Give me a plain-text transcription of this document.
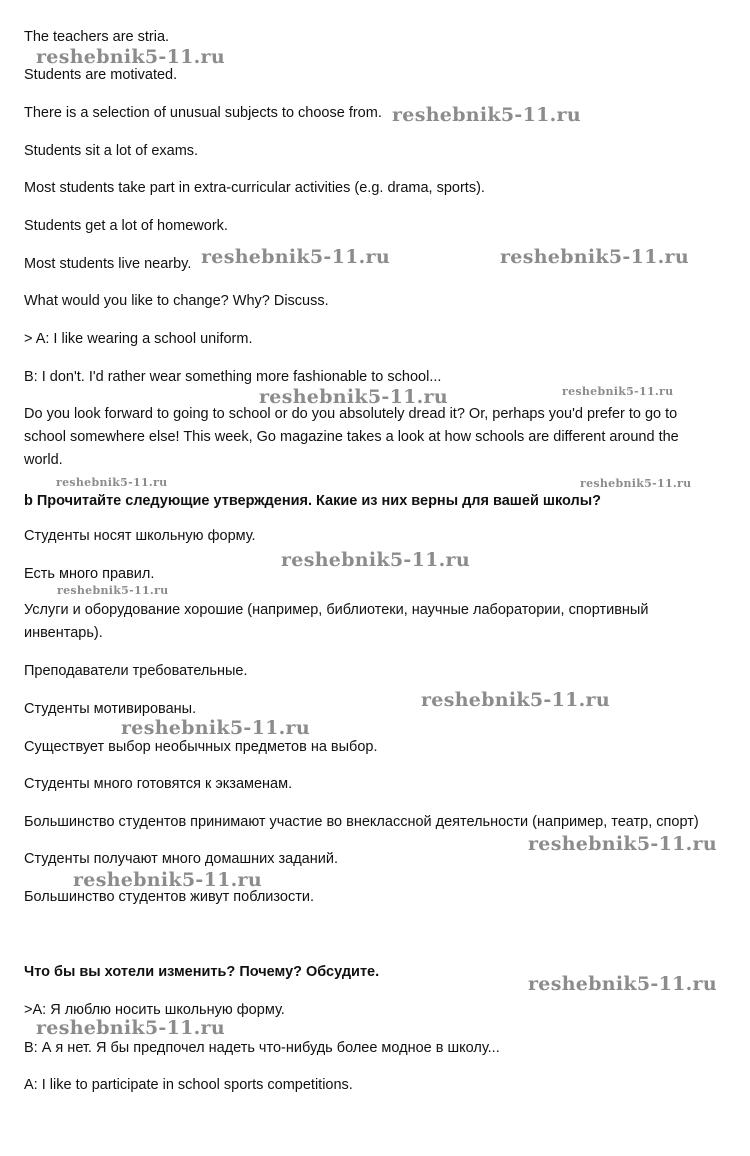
The teachers are stria.
Students are motivated.
There is a selection of unusual subjects to choose from.
Students sit a lot of exams.
Most students take part in extra-curricular activities (e.g. drama, sports).
Students get a lot of homework.
Most students live nearby.
What would you like to change? Why? Discuss.
> A: I like wearing a school uniform.
B: I don't. I'd rather wear something more fashionable to school...
Do you look forward to going to school or do you absolutely dread it? Or, perhaps you'd prefer to go to school somewhere else! This week, Go magazine takes a look at how schools are different around the world.
b Прочитайте следующие утверждения. Какие из них верны для вашей школы?
Студенты носят школьную форму.
Есть много правил.
Услуги и оборудование хорошие (например, библиотеки, научные лаборатории, спортивный инвентарь).
Преподаватели требовательные.
Студенты мотивированы.
Существует выбор необычных предметов на выбор.
Студенты много готовятся к экзаменам.
Большинство студентов принимают участие во внеклассной деятельности (например, театр, спорт)
Студенты получают много домашних заданий.
Большинство студентов живут поблизости.
Что бы вы хотели изменить? Почему? Обсудите.
>A: Я люблю носить школьную форму.
B: А я нет. Я бы предпочел надеть что-нибудь более модное в школу...
A: I like to participate in school sports competitions.
reshebnik5-11.ru
reshebnik5-11.ru
reshebnik5-11.ru	reshebnik5-11.ru
reshebnik5-11.ru	reshebnik5-11.ru
reshebnik5-11.ru	reshebnik5-11.ru
reshebnik5-11.ru
reshebnik5-11.ru
reshebnik5-11.ru
reshebnik5-11.ru
reshebnik5-11.ru
reshebnik5-11.ru
reshebnik5-11.ru
reshebnik5-11.ru
